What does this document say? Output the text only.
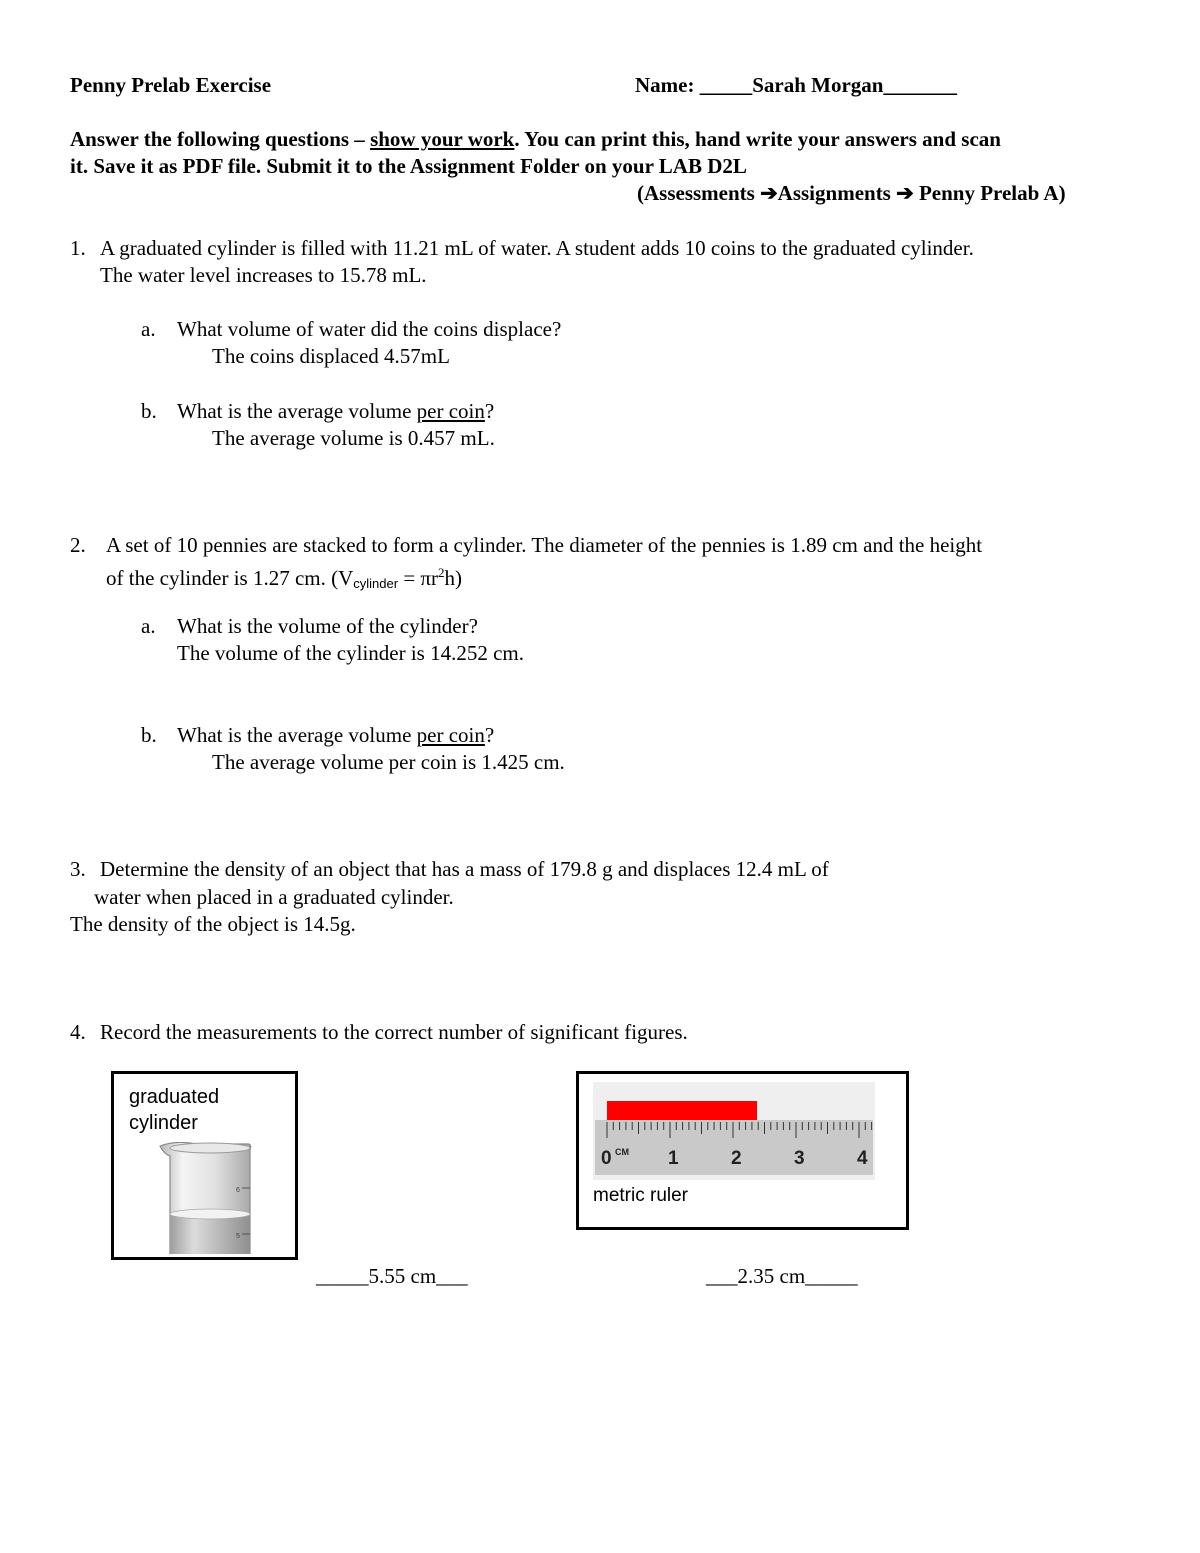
Penny Prelab Exercise	Name: _____Sarah Morgan_______
Answer the following questions – show your work. You can print this, hand write your answers and scan
it. Save it as PDF file. Submit it to the Assignment Folder on your LAB D2L
(Assessments ➔Assignments ➔ Penny Prelab A)
1. A graduated cylinder is filled with 11.21 mL of water. A student adds 10 coins to the graduated cylinder.
The water level increases to 15.78 mL.
a. What volume of water did the coins displace?
The coins displaced 4.57mL
b. What is the average volume per coin?
The average volume is 0.457 mL.
2. A set of 10 pennies are stacked to form a cylinder. The diameter of the pennies is 1.89 cm and the height
of the cylinder is 1.27 cm. $(V_{cylinder} = \pi r^2h)$
a. What is the volume of the cylinder?
The volume of the cylinder is 14.252 cm.
b. What is the average volume per coin?
The average volume per coin is 1.425 cm.
3. Determine the density of an object that has a mass of 179.8 g and displaces 12.4 mL of
water when placed in a graduated cylinder.
The density of the object is 14.5g.
4. Record the measurements to the correct number of significant figures.
graduated
cylinder
6
5
0 CM 1	2	3	4
metric ruler
_____5.55 cm___	___2.35 cm_____
